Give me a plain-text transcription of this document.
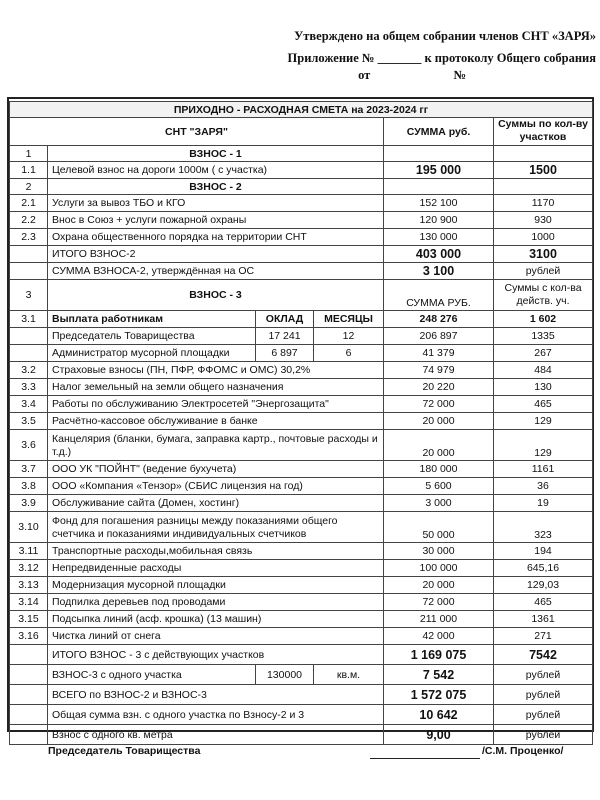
Утверждено на общем собрании членов СНТ «ЗАРЯ»
Приложение № _______ к протоколу Общего собрания
от	№
ПРИХОДНО - РАСХОДНАЯ СМЕТА на 2023-2024 гг					
СНТ "ЗАРЯ"				СУММА руб.	Суммы по кол-ву участков
1	ВЗНОС - 1				
1.1	Целевой взнос на дороги 1000м ( с участка)			195 000	1500
2	ВЗНОС - 2				
2.1	Услуги за вывоз ТБО и КГО			152 100	1170
2.2	Внос в Союз + услуги пожарной охраны			120 900	930
2.3	Охрана общественного порядка на территории СНТ			130 000	1000
	ИТОГО ВЗНОС-2			403 000	3100
	СУММА ВЗНОСА-2, утверждённая на ОС			3 100	рублей
3	ВЗНОС - 3			СУММА РУБ.	Суммы с кол-ва действ. уч.
3.1	Выплата работникам	ОКЛАД	МЕСЯЦЫ	248 276	1 602
	Председатель Товарищества	17 241	12	206 897	1335
	Администратор мусорной площадки	6 897	6	41 379	267
3.2	Страховые взносы (ПН, ПФР, ФФОМС и ОМС) 30,2%			74 979	484
3.3	Налог земельный на земли общего назначения			20 220	130
3.4	Работы по обслуживанию Электросетей "Энергозащита"			72 000	465
3.5	Расчётно-кассовое обслуживание в банке			20 000	129
3.6	Канцелярия (бланки, бумага, заправка картр., почтовые расходы и т.д.)			20 000	129
3.7	ООО УК "ПОЙНТ" (ведение бухучета)			180 000	1161
3.8	ООО «Компания «Тензор» (СБИС лицензия на год)			5 600	36
3.9	Обслуживание сайта (Домен, хостинг)			3 000	19
3.10	Фонд для погашения разницы между показаниями общего счетчика и показаниями индивидуальных счетчиков			50 000	323
3.11	Транспортные расходы,мобильная связь			30 000	194
3.12	Непредвиденные расходы			100 000	645,16
3.13	Модернизация мусорной площадки			20 000	129,03
3.14	Подпилка деревьев под проводами			72 000	465
3.15	Подсыпка линий (асф. крошка) (13 машин)			211 000	1361
3.16	Чистка линий от снега			42 000	271
	ИТОГО ВЗНОС - 3 с действующих участков			1 169 075	7542
	ВЗНОС-3 с одного участка	130000	кв.м.	7 542	рублей
	ВСЕГО по ВЗНОС-2 и ВЗНОС-3			1 572 075	рублей
	Общая сумма взн. с одного участка по Взносу-2 и 3			10 642	рублей
	Взнос с одного кв. метра			9,00	рублей
Председатель Товарищества	/С.М. Проценко/
